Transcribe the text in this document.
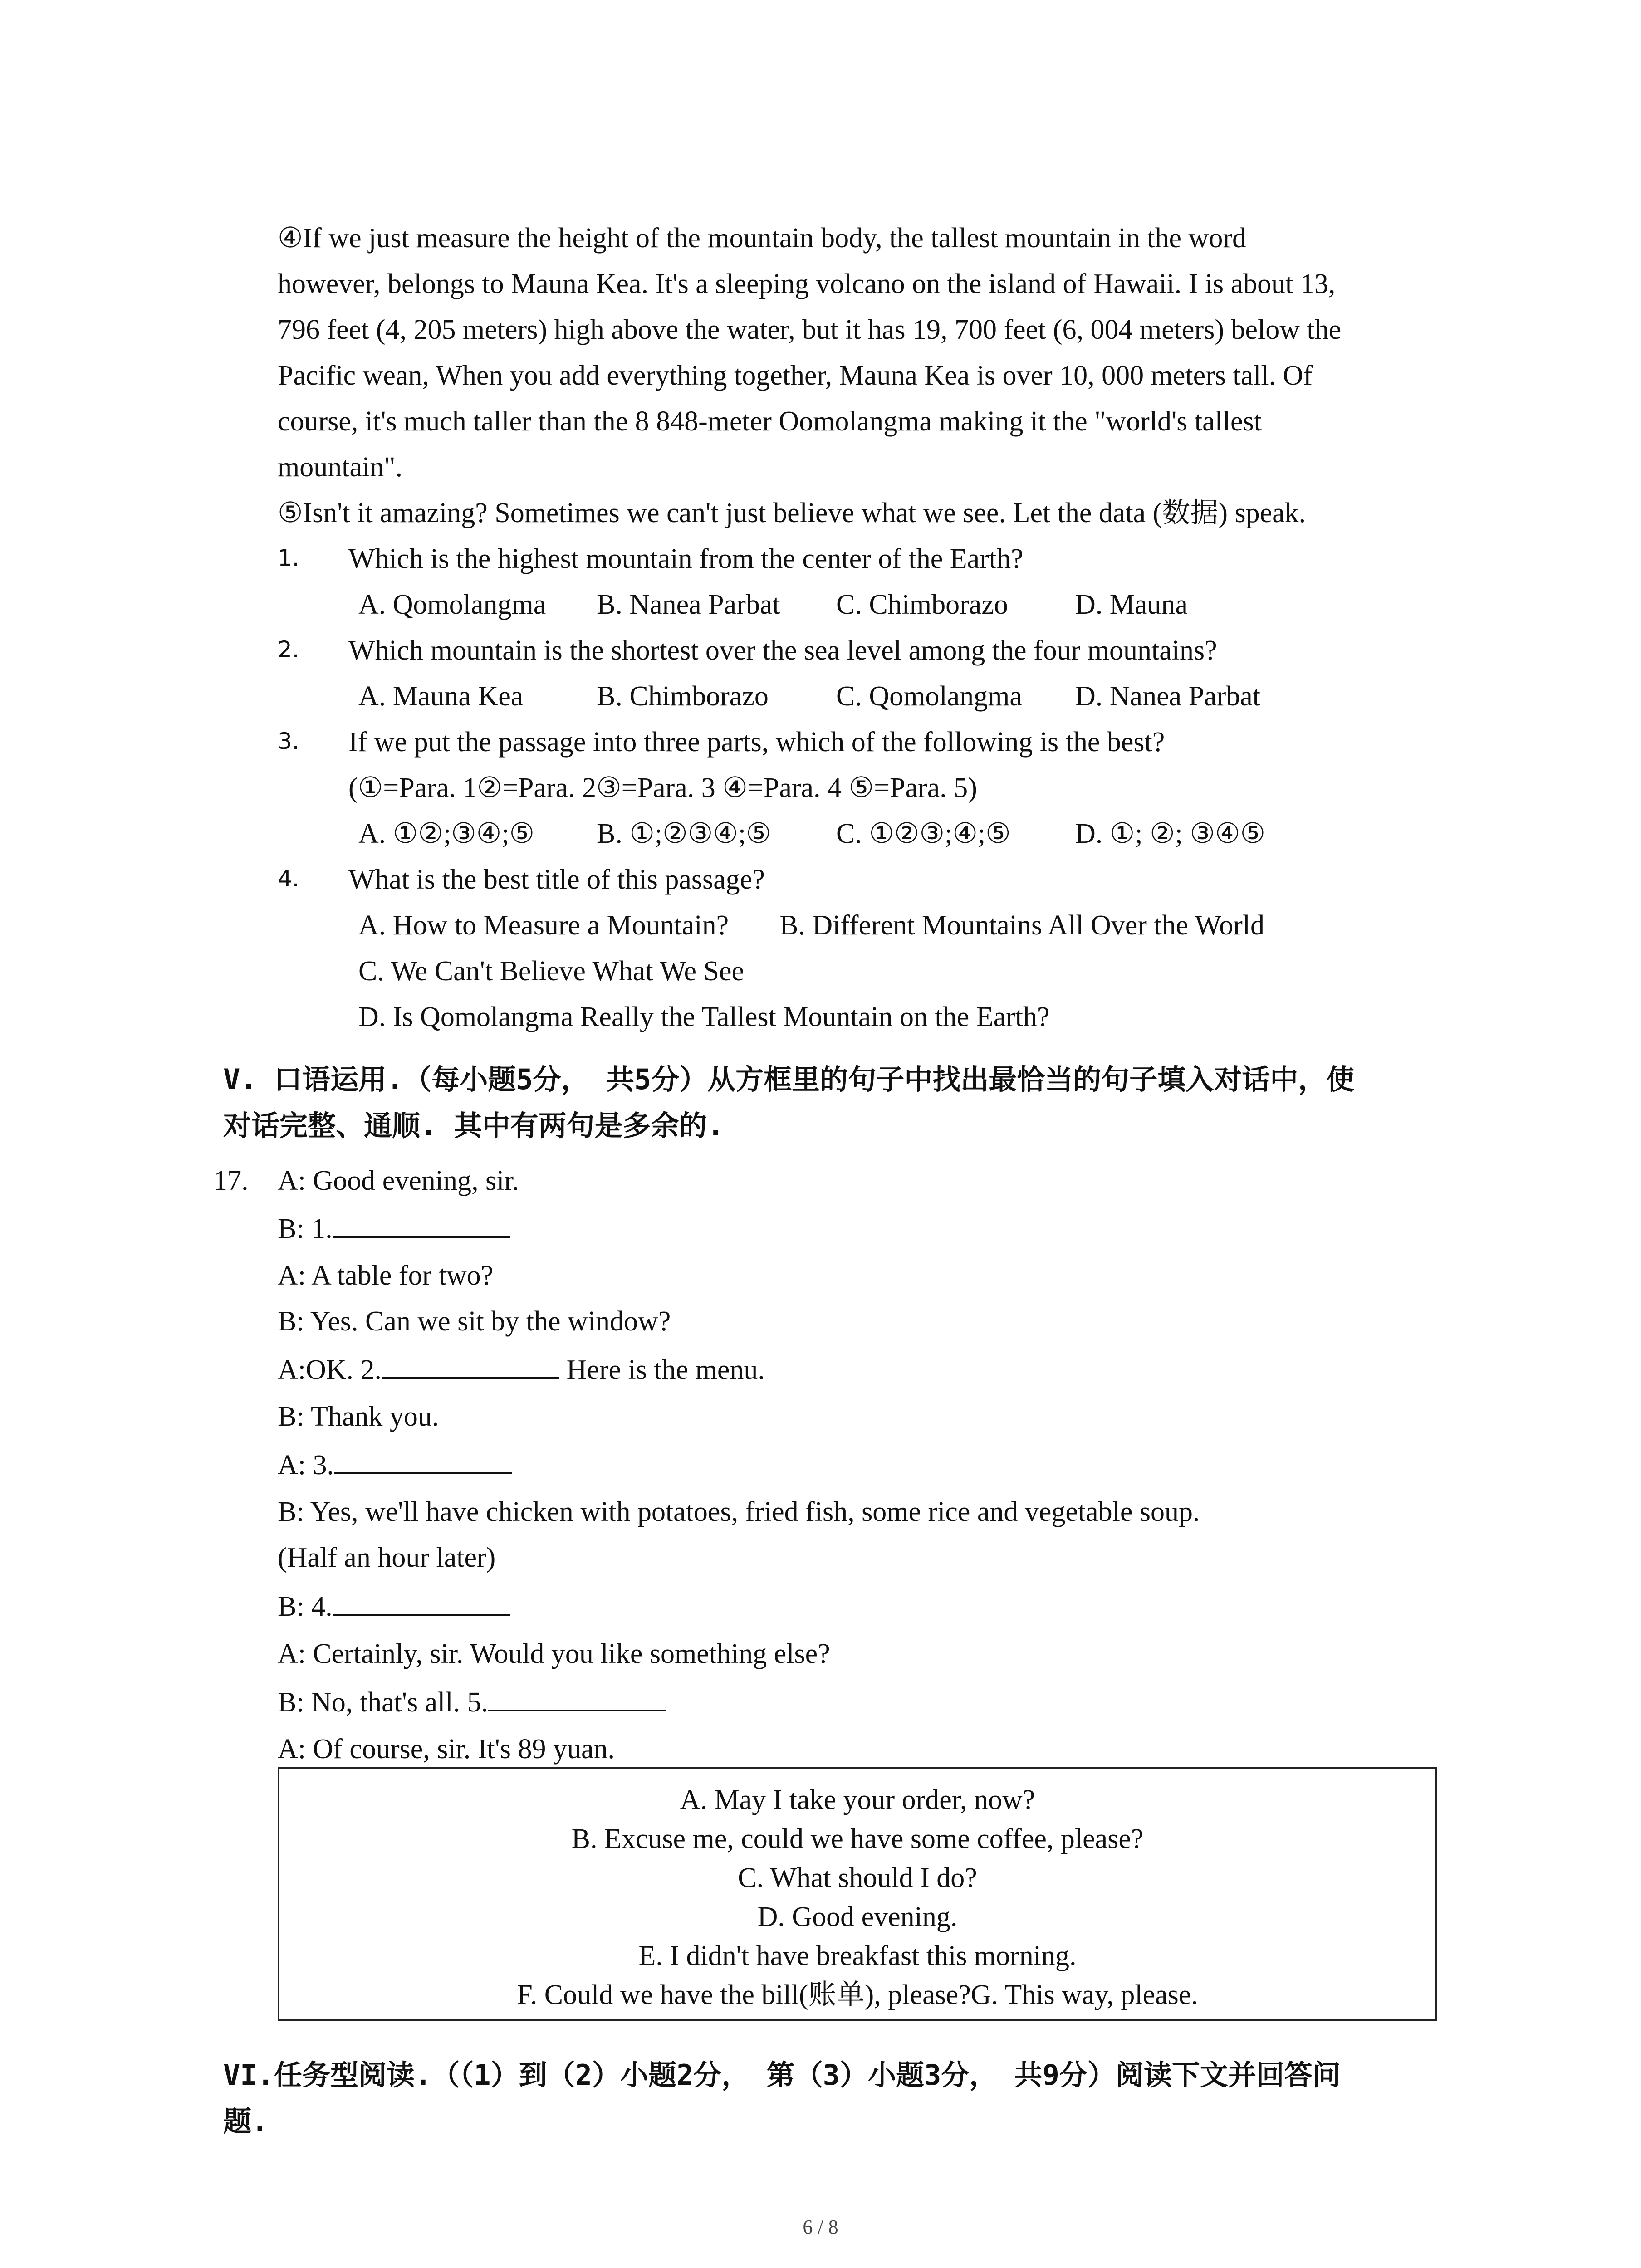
④If we just measure the height of the mountain body, the tallest mountain in the word
however, belongs to Mauna Kea. It's a sleeping volcano on the island of Hawaii. I is about 13,
796 feet (4, 205 meters) high above the water, but it has 19, 700 feet (6, 004 meters) below the
Pacific wean, When you add everything together, Mauna Kea is over 10, 000 meters tall. Of
course, it's much taller than the 8 848-meter Oomolangma making it the "world's tallest
mountain".
⑤Isn't it amazing? Sometimes we can't just believe what we see. Let the data (数据) speak.
1. Which is the highest mountain from the center of the Earth?
A. Qomolangma B. Nanea Parbat C. Chimborazo D. Mauna
2. Which mountain is the shortest over the sea level among the four mountains?
A. Mauna Kea	B. Chimborazo C. Qomolangma D. Nanea Parbat
3. If we put the passage into three parts, which of the following is the best?
(①=Para. 1②=Para. 2③=Para. 3 ④=Para. 4 ⑤=Para. 5)
A. ①②;③④;⑤ B. ①;②③④;⑤ C. ①②③;④;⑤ D. ①; ②; ③④⑤
4. What is the best title of this passage?
A. How to Measure a Mountain? B. Different Mountains All Over the World
C. We Can't Believe What We See
D. Is Qomolangma Really the Tallest Mountain on the Earth?
V. 口语运用.（每小题5分， 共5分）从方框里的句子中找出最恰当的句子填入对话中，使
对话完整、通顺. 其中有两句是多余的.
17. A: Good evening, sir.
B: 1.
A: A table for two?
B: Yes. Can we sit by the window?
A:OK. 2.	Here is the menu.
B: Thank you.
A: 3.
B: Yes, we'll have chicken with potatoes, fried fish, some rice and vegetable soup.
(Half an hour later)
B: 4.
A: Certainly, sir. Would you like something else?
B: No, that's all. 5.
A: Of course, sir. It's 89 yuan.
A. May I take your order, now?
B. Excuse me, could we have some coffee, please?
C. What should I do?
D. Good evening.
E. I didn't have breakfast this morning.
F. Could we have the bill(账单), please?G. This way, please.
VI.任务型阅读.（（1）到（2）小题2分， 第（3）小题3分， 共9分）阅读下文并回答问
题.
6 / 8
